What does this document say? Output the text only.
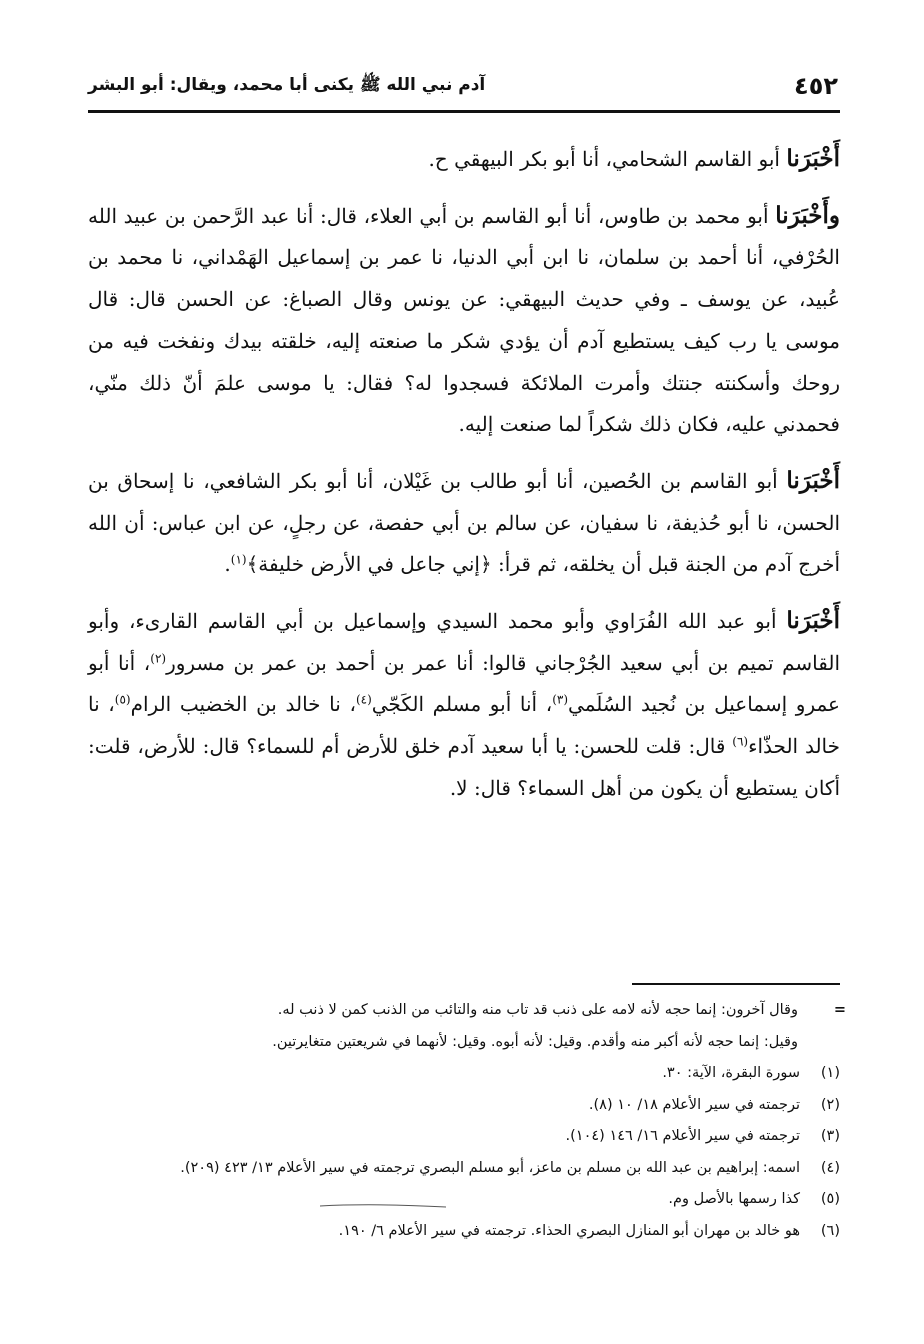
٤٥٢
آدم نبي الله ﷺ يكنى أبا محمد، ويقال: أبو البشر

أَخْبَرَنا أبو القاسم الشحامي، أنا أبو بكر البيهقي ح.

وأَخْبَرَنا أبو محمد بن طاوس، أنا أبو القاسم بن أبي العلاء، قال: أنا عبد الرَّحمن بن عبيد الله الحُرْفي، أنا أحمد بن سلمان، نا ابن أبي الدنيا، نا عمر بن إسماعيل الهَمْداني، نا محمد بن عُبيد، عن يوسف ـ وفي حديث البيهقي: عن يونس وقال الصباغ: عن الحسن قال: قال موسى يا رب كيف يستطيع آدم أن يؤدي شكر ما صنعته إليه، خلقته بيدك ونفخت فيه من روحك وأسكنته جنتك وأمرت الملائكة فسجدوا له؟ فقال: يا موسى علمَ أنّ ذلك منّي، فحمدني عليه، فكان ذلك شكراً لما صنعت إليه.

أَخْبَرَنا أبو القاسم بن الحُصين، أنا أبو طالب بن غَيْلان، أنا أبو بكر الشافعي، نا إسحاق بن الحسن، نا أبو حُذيفة، نا سفيان، عن سالم بن أبي حفصة، عن رجلٍ، عن ابن عباس: أن الله أخرج آدم من الجنة قبل أن يخلقه، ثم قرأ: ﴿إني جاعل في الأرض خليفة﴾$^{(١)}$.

أَخْبَرَنا أبو عبد الله الفُرَاوي وأبو محمد السيدي وإسماعيل بن أبي القاسم القارىء، وأبو القاسم تميم بن أبي سعيد الجُرْجاني قالوا: أنا عمر بن أحمد بن عمر بن مسرور$^{(٢)}$، أنا أبو عمرو إسماعيل بن نُجيد السُلَمي$^{(٣)}$، أنا أبو مسلم الكَجّي$^{(٤)}$، نا خالد بن الخضيب الرام$^{(٥)}$، نا خالد الحذّاء$^{(٦)}$ قال: قلت للحسن: يا أبا سعيد آدم خلق للأرض أم للسماء؟ قال: للأرض، قلت: أكان يستطيع أن يكون من أهل السماء؟ قال: لا.

=
وقال آخرون: إنما حجه لأنه لامه على ذنب قد تاب منه والتائب من الذنب كمن لا ذنب له.
وقيل: إنما حجه لأنه أكبر منه وأقدم. وقيل: لأنه أبوه. وقيل: لأنهما في شريعتين متغايرتين.
(١)
سورة البقرة، الآية: ٣٠.
(٢)
ترجمته في سير الأعلام ١٨/ ١٠ (٨).
(٣)
ترجمته في سير الأعلام ١٦/ ١٤٦ (١٠٤).
(٤)
اسمه: إبراهيم بن عبد الله بن مسلم بن ماعز، أبو مسلم البصري ترجمته في سير الأعلام ١٣/ ٤٢٣ (٢٠٩).
(٥)
كذا رسمها بالأصل وم.
(٦)
هو خالد بن مهران أبو المنازل البصري الحذاء. ترجمته في سير الأعلام ٦/ ١٩٠.
